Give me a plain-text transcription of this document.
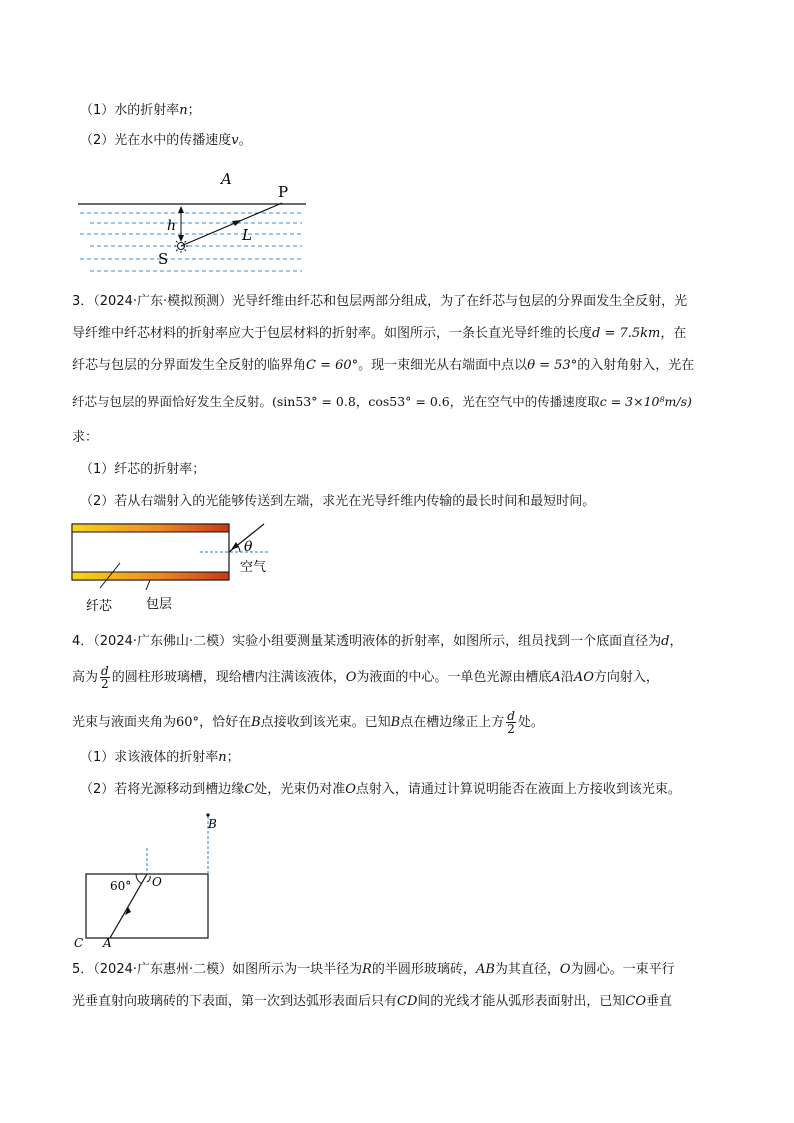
（1）水的折射率n；
（2）光在水中的传播速度v。
A
P
h	L
S
3．（2024·广东·模拟预测）光导纤维由纤芯和包层两部分组成，为了在纤芯与包层的分界面发生全反射，光
导纤维中纤芯材料的折射率应大于包层材料的折射率。如图所示，一条长直光导纤维的长度d = 7.5km，在
纤芯与包层的分界面发生全反射的临界角C = 60°。现一束细光从右端面中点以θ = 53°的入射角射入，光在
纤芯与包层的界面恰好发生全反射。(sin53° = 0.8，cos53° = 0.6，光在空气中的传播速度取c = 3×10⁸m/s)
求：
（1）纤芯的折射率；
（2）若从右端射入的光能够传送到左端，求光在光导纤维内传输的最长时间和最短时间。
θ
空气
纤芯	包层
4．（2024·广东佛山·二模）实验小组要测量某透明液体的折射率，如图所示，组员找到一个底面直径为d，
高为 $\frac{d}{2}$ 的圆柱形玻璃槽，现给槽内注满该液体，O为液面的中心。一单色光源由槽底A沿AO方向射入，
光束与液面夹角为60°，恰好在B点接收到该光束。已知B点在槽边缘正上方 $\frac{d}{2}$ 处。
（1）求该液体的折射率n；
（2）若将光源移动到槽边缘C处，光束仍对准O点射入，请通过计算说明能否在液面上方接收到该光束。
B
O
60°
C A
5．（2024·广东惠州·二模）如图所示为一块半径为R的半圆形玻璃砖，AB为其直径，O为圆心。一束平行
光垂直射向玻璃砖的下表面，第一次到达弧形表面后只有CD间的光线才能从弧形表面射出，已知CO垂直
